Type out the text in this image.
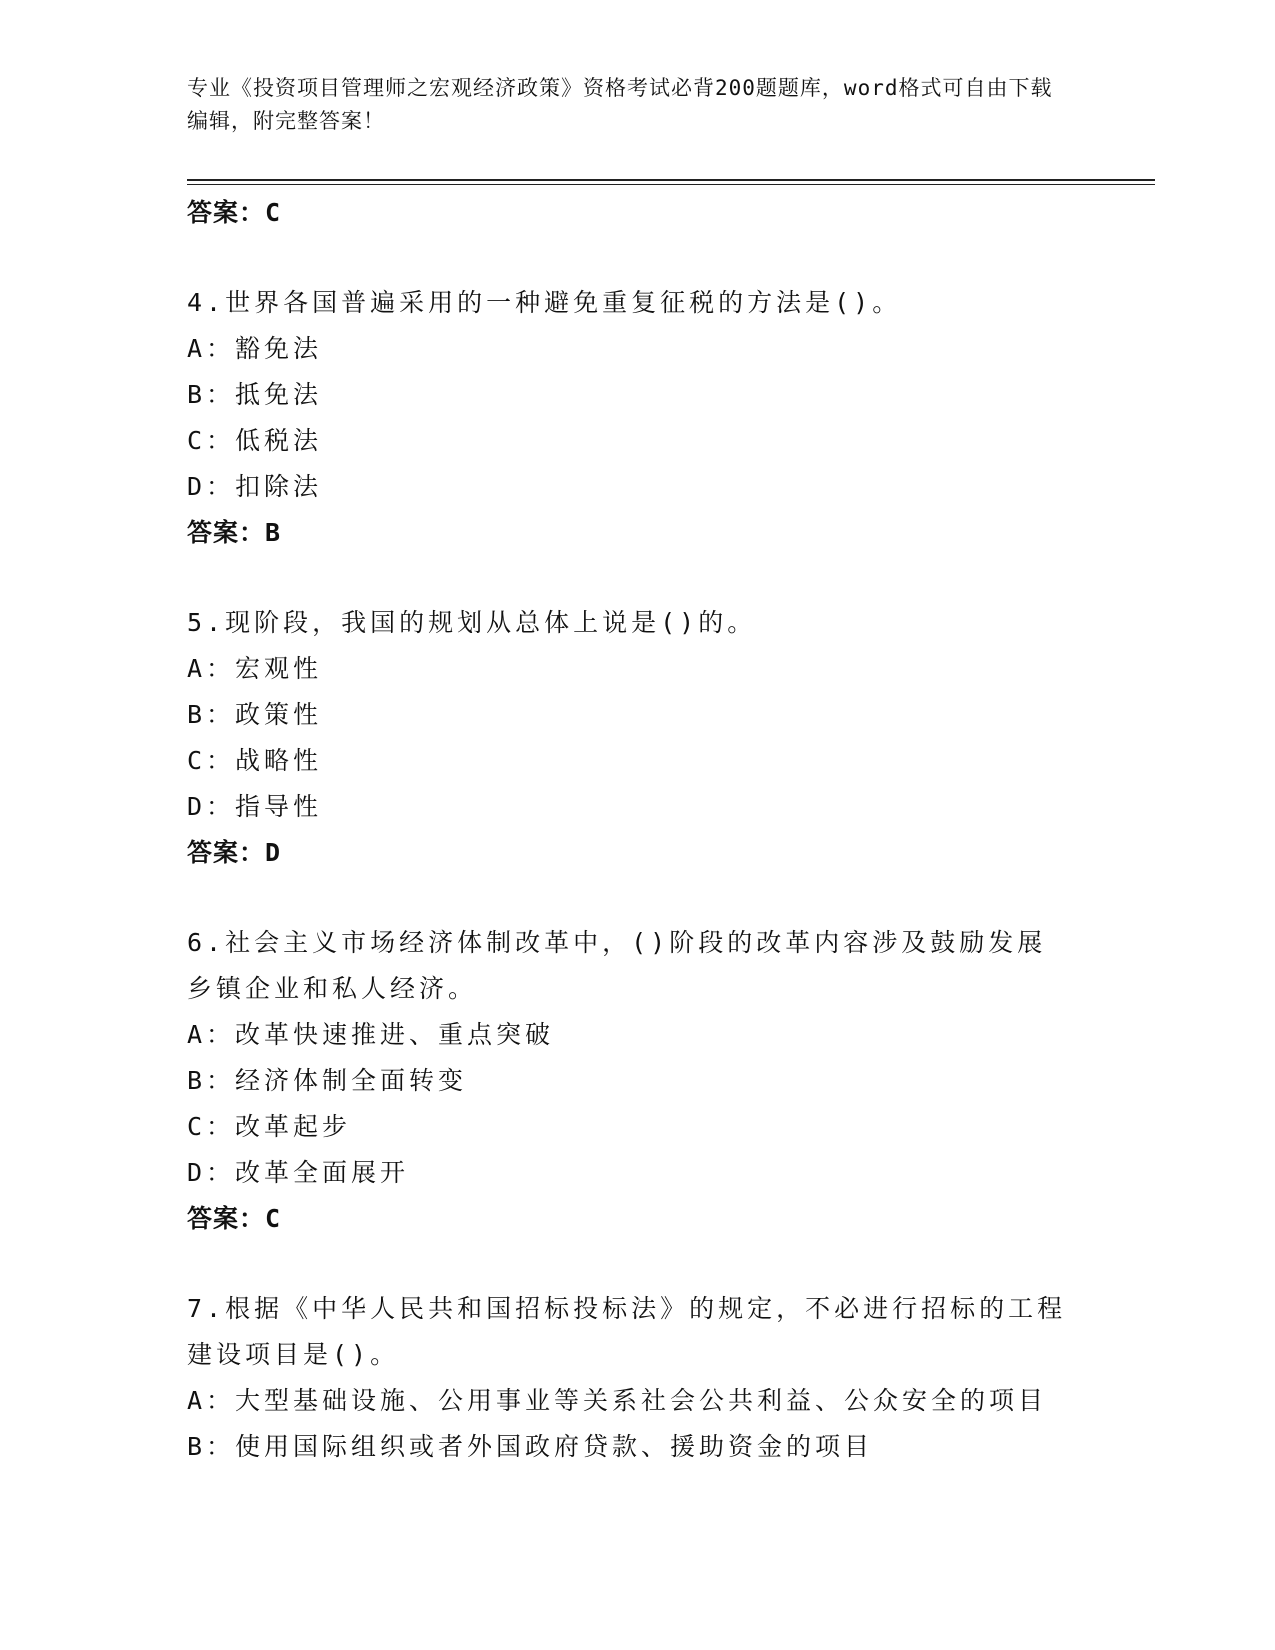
专业《投资项目管理师之宏观经济政策》资格考试必背200题题库，word格式可自由下载编辑，附完整答案！
答案：C

4.世界各国普遍采用的一种避免重复征税的方法是()。

A：豁免法
B：抵免法
C：低税法
D：扣除法
答案：B

5.现阶段，我国的规划从总体上说是()的。

A：宏观性
B：政策性
C：战略性
D：指导性
答案：D

6.社会主义市场经济体制改革中，()阶段的改革内容涉及鼓励发展乡镇企业和私人经济。

A：改革快速推进、重点突破
B：经济体制全面转变
C：改革起步
D：改革全面展开
答案：C

7.根据《中华人民共和国招标投标法》的规定，不必进行招标的工程建设项目是()。

A：大型基础设施、公用事业等关系社会公共利益、公众安全的项目
B：使用国际组织或者外国政府贷款、援助资金的项目
